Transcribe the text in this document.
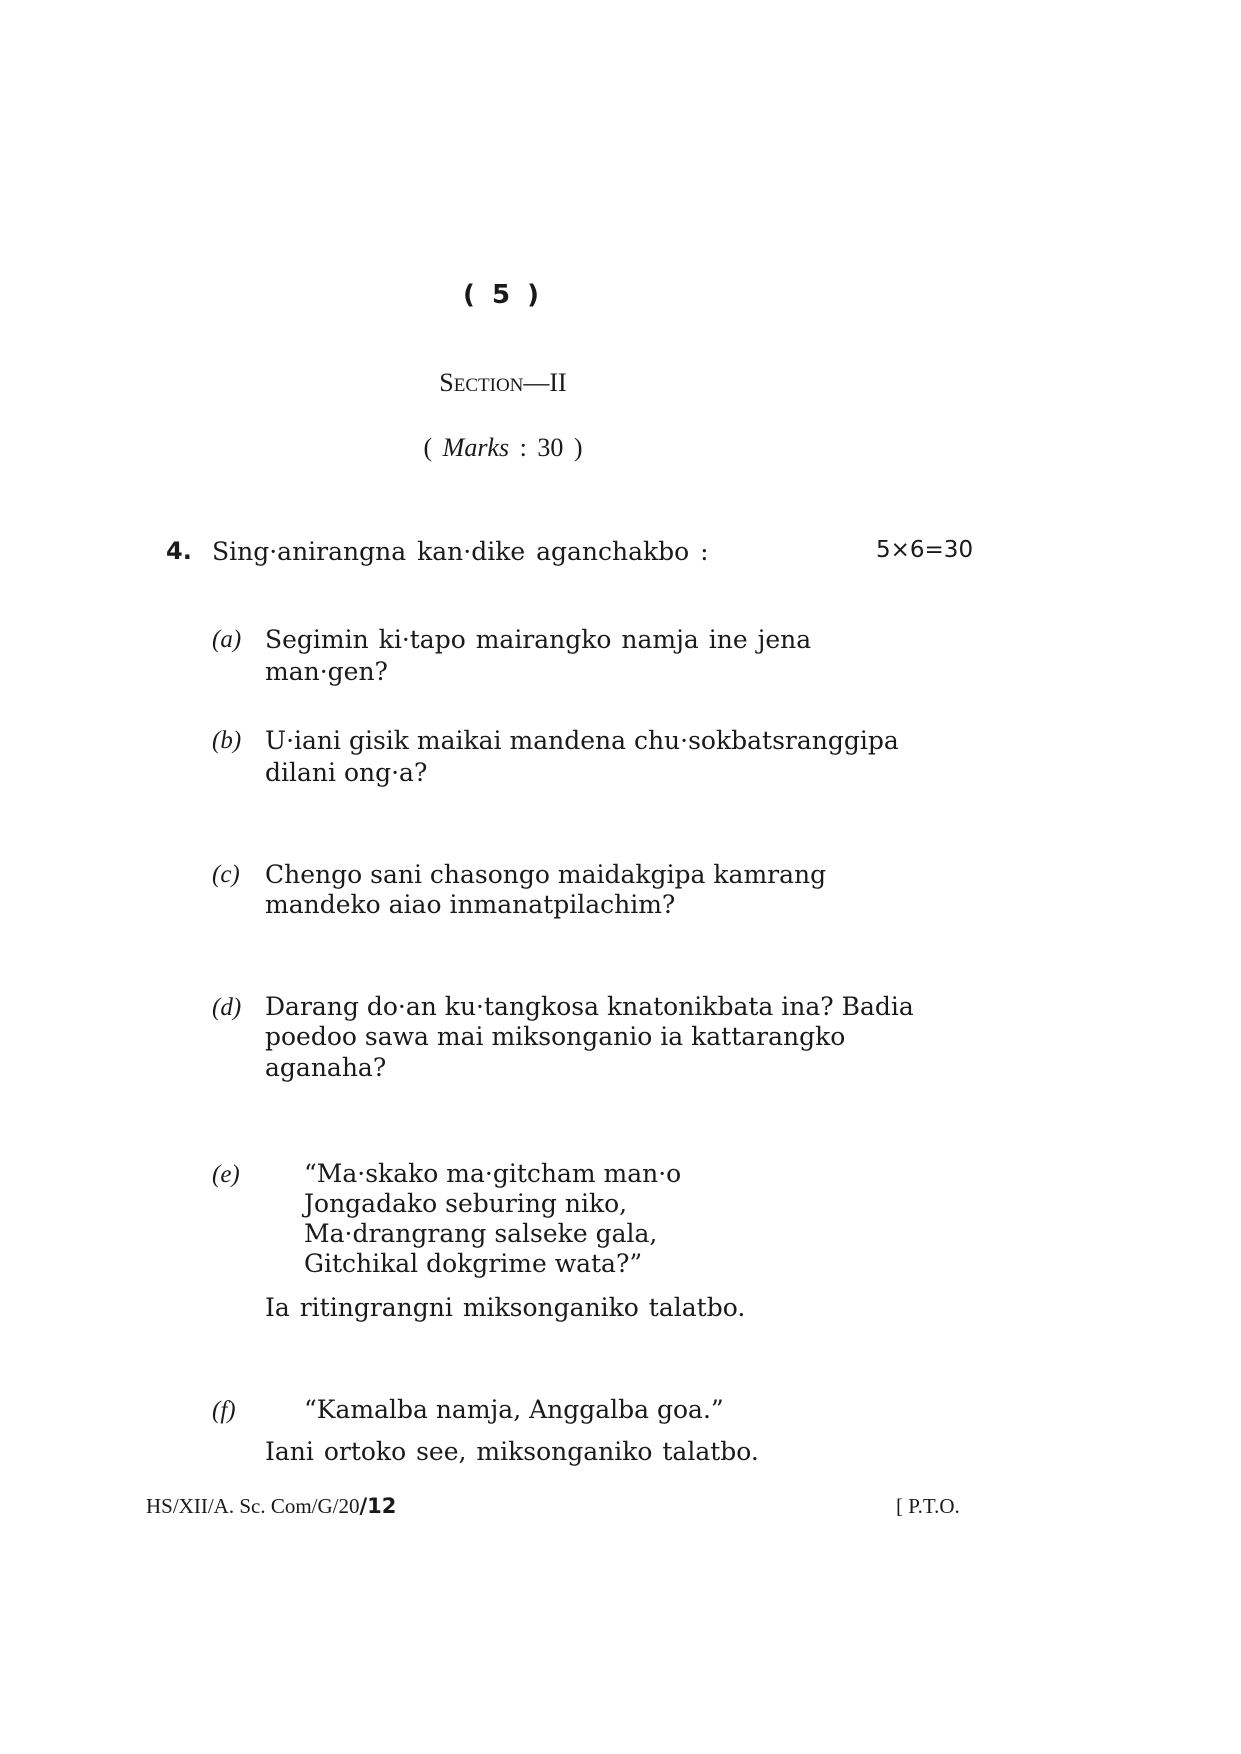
( 5 )
SECTION—II
( Marks : 30 )
4. Sing·anirangna kan·dike aganchakbo :	5×6=30
(a) Segimin ki·tapo mairangko namja ine jena man·gen?
(b) U·iani gisik maikai mandena chu·sokbatsranggipa
dilani ong·a?
(c) Chengo sani chasongo maidakgipa kamrang
mandeko aiao inmanatpilachim?
(d) Darang do·an ku·tangkosa knatonikbata ina? Badia
poedoo sawa mai miksonganio ia kattarangko
aganaha?
(e)	“Ma·skako ma·gitcham man·o
Jongadako seburing niko,
Ma·drangrang salseke gala,
Gitchikal dokgrime wata?”
Ia ritingrangni miksonganiko talatbo.
(f)	“Kamalba namja, Anggalba goa.”
Iani ortoko see, miksonganiko talatbo.
HS/XII/A. Sc. Com/G/20/12	[ P.T.O.
